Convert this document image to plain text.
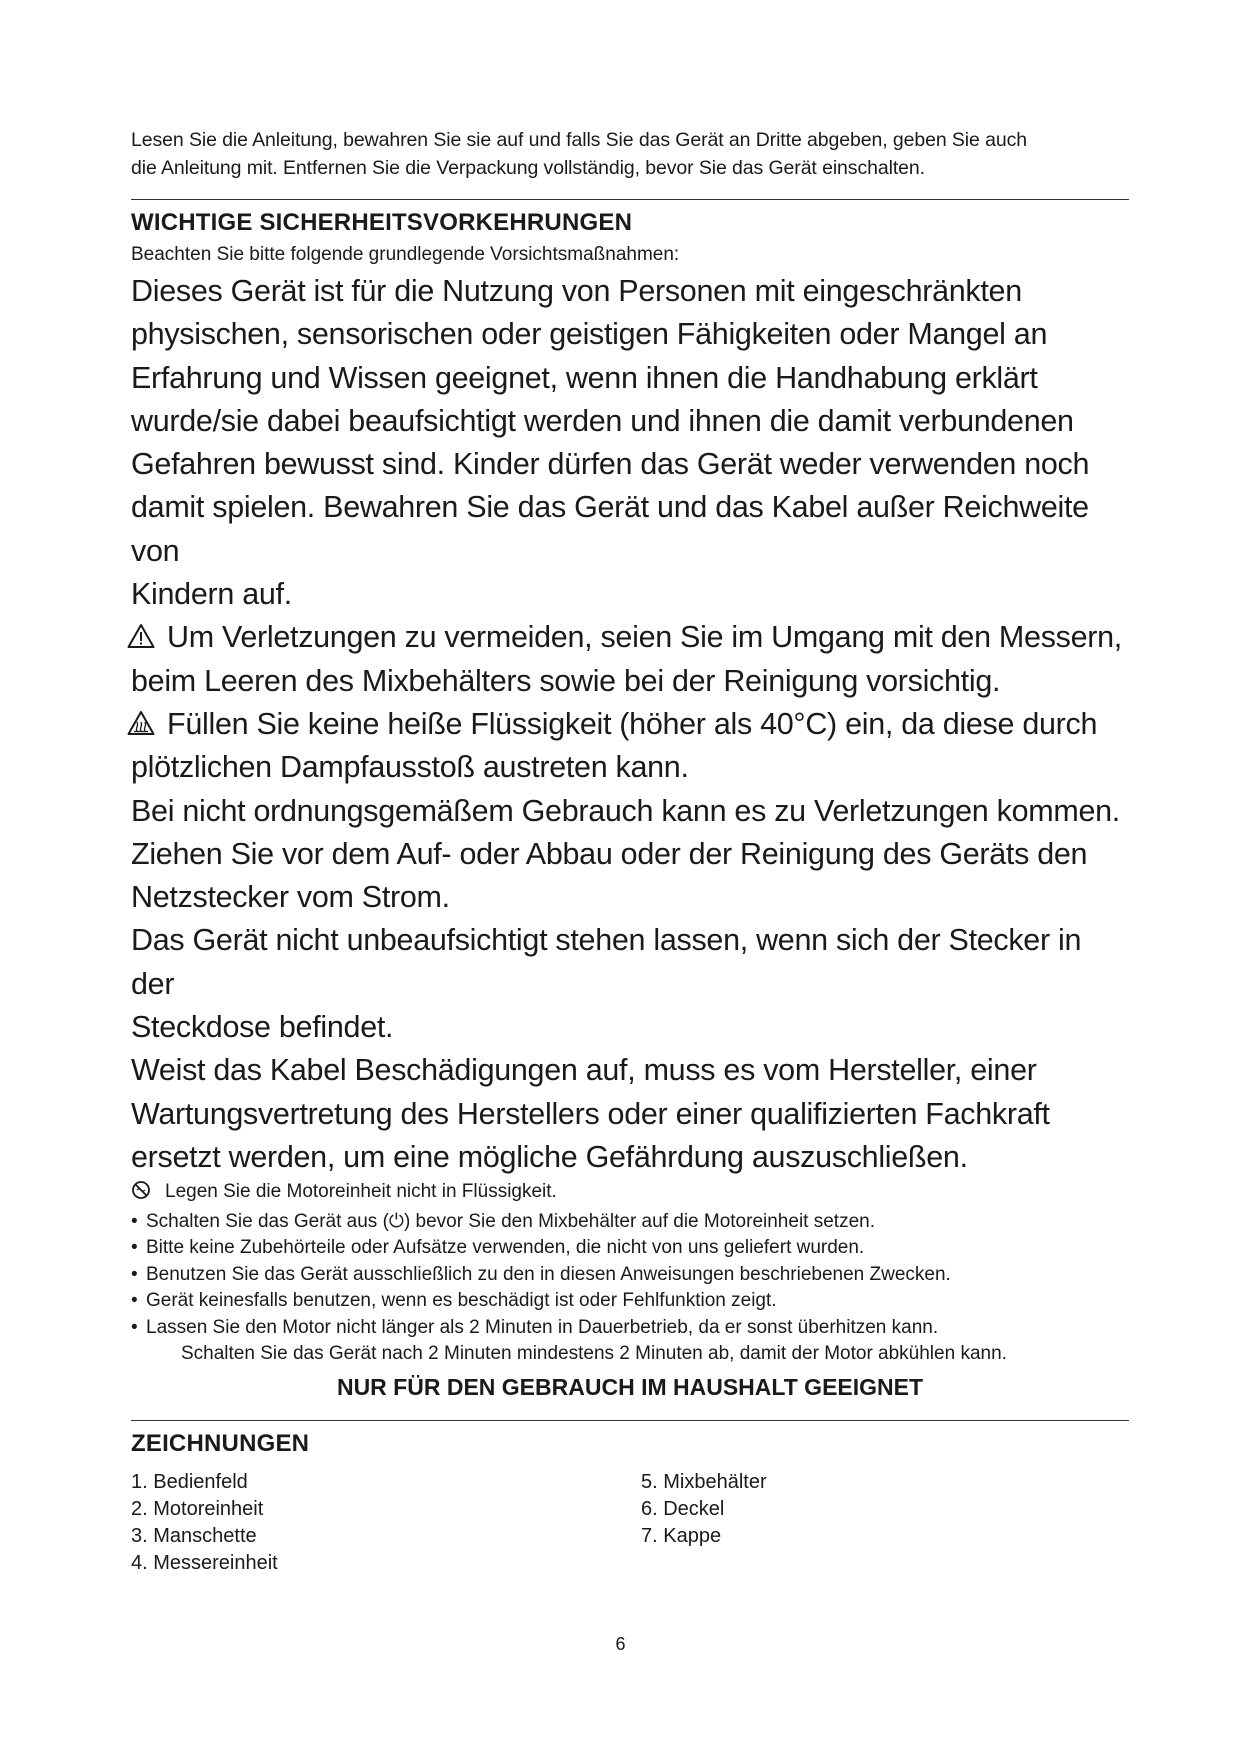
Lesen Sie die Anleitung, bewahren Sie sie auf und falls Sie das Gerät an Dritte abgeben, geben Sie auch
die Anleitung mit. Entfernen Sie die Verpackung vollständig, bevor Sie das Gerät einschalten.

WICHTIGE SICHERHEITSVORKEHRUNGEN

Beachten Sie bitte folgende grundlegende Vorsichtsmaßnahmen:

Dieses Gerät ist für die Nutzung von Personen mit eingeschränkten
physischen, sensorischen oder geistigen Fähigkeiten oder Mangel an
Erfahrung und Wissen geeignet, wenn ihnen die Handhabung erklärt
wurde/sie dabei beaufsichtigt werden und ihnen die damit verbundenen
Gefahren bewusst sind. Kinder dürfen das Gerät weder verwenden noch
damit spielen. Bewahren Sie das Gerät und das Kabel außer Reichweite von
Kindern auf.

Um Verletzungen zu vermeiden, seien Sie im Umgang mit den Messern,
beim Leeren des Mixbehälters sowie bei der Reinigung vorsichtig.

Füllen Sie keine heiße Flüssigkeit (höher als 40°C) ein, da diese durch
plötzlichen Dampfausstoß austreten kann.

Bei nicht ordnungsgemäßem Gebrauch kann es zu Verletzungen kommen.
Ziehen Sie vor dem Auf- oder Abbau oder der Reinigung des Geräts den
Netzstecker vom Strom.

Das Gerät nicht unbeaufsichtigt stehen lassen, wenn sich der Stecker in der
Steckdose befindet.

Weist das Kabel Beschädigungen auf, muss es vom Hersteller, einer
Wartungsvertretung des Herstellers oder einer qualifizierten Fachkraft
ersetzt werden, um eine mögliche Gefährdung auszuschließen.

Legen Sie die Motoreinheit nicht in Flüssigkeit.
• Schalten Sie das Gerät aus (⏻) bevor Sie den Mixbehälter auf die Motoreinheit setzen.
• Bitte keine Zubehörteile oder Aufsätze verwenden, die nicht von uns geliefert wurden.
• Benutzen Sie das Gerät ausschließlich zu den in diesen Anweisungen beschriebenen Zwecken.
• Gerät keinesfalls benutzen, wenn es beschädigt ist oder Fehlfunktion zeigt.
• Lassen Sie den Motor nicht länger als 2 Minuten in Dauerbetrieb, da er sonst überhitzen kann.

Schalten Sie das Gerät nach 2 Minuten mindestens 2 Minuten ab, damit der Motor abkühlen kann.

NUR FÜR DEN GEBRAUCH IM HAUSHALT GEEIGNET
ZEICHNUNGEN
1. Bedienfeld
2. Motoreinheit
3. Manschette
4. Messereinheit
5. Mixbehälter
6. Deckel
7. Kappe
6
